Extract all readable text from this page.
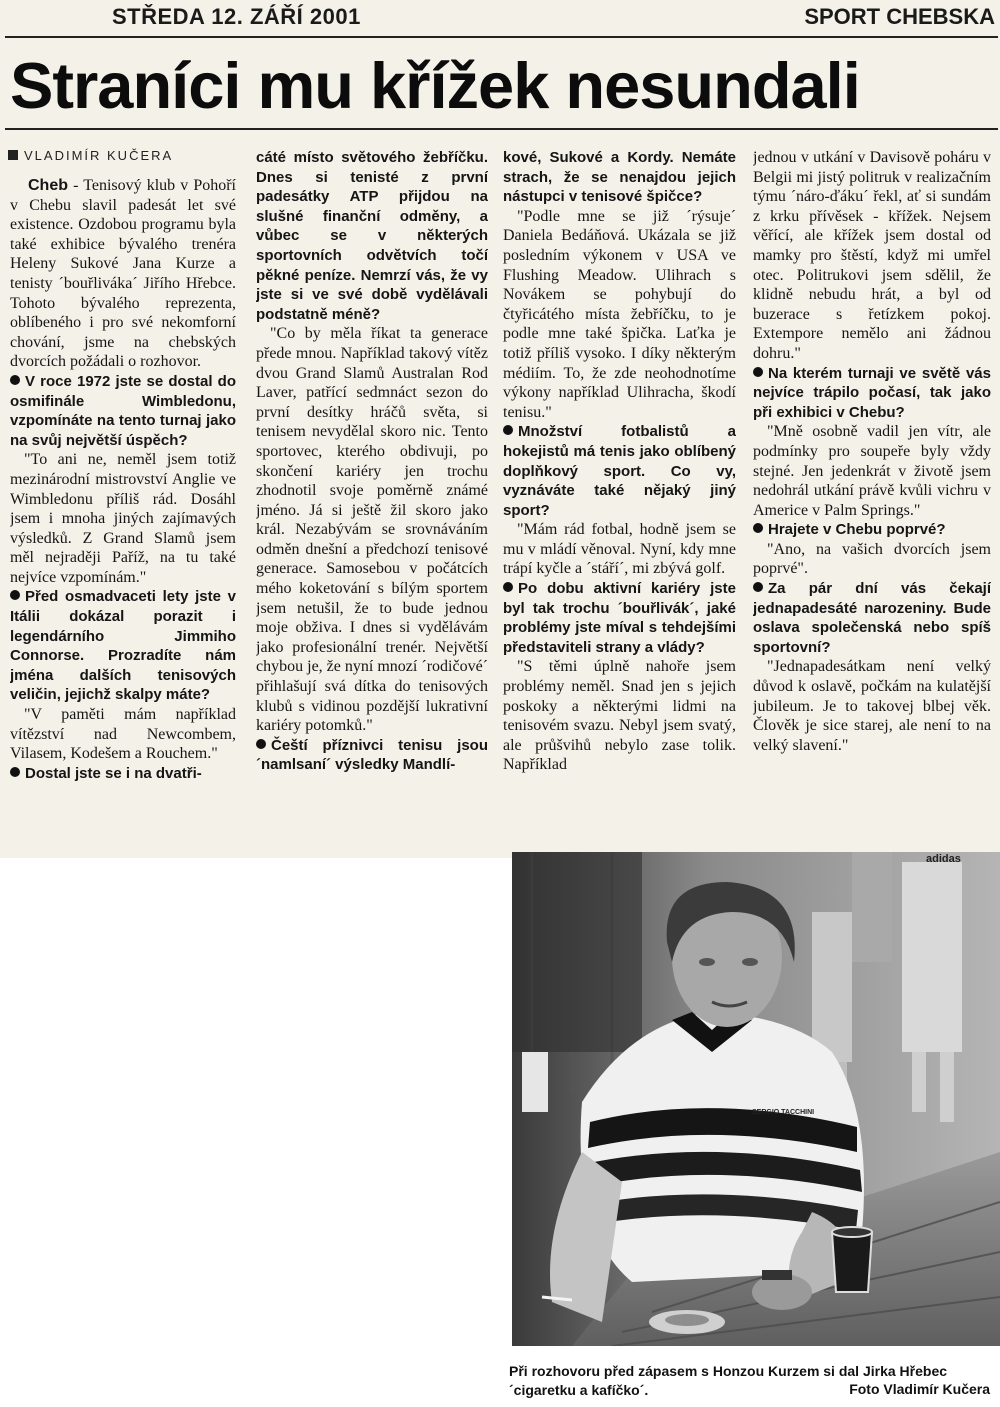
STŘEDA 12. ZÁŘÍ 2001	SPORT CHEBSKA
Straníci mu křížek nesundali
VLADIMÍR KUČERA

Cheb - Tenisový klub v Pohoří v Chebu slavil padesát let své existence. Ozdobou programu byla také exhibice bývalého trenéra Heleny Sukové Jana Kurze a tenisty ´bouřliváka´ Jiřího Hřebce. Tohoto bývalého reprezenta, oblíbeného i pro své nekomforní chování, jsme na chebských dvorcích požádali o rozhovor.

V roce 1972 jste se dostal do osmifinále Wimbledonu, vzpomínáte na tento turnaj jako na svůj největší úspěch?

"To ani ne, neměl jsem totiž mezinárodní mistrovství Anglie ve Wimbledonu příliš rád. Dosáhl jsem i mnoha jiných zajímavých výsledků. Z Grand Slamů jsem měl nejraději Paříž, na tu také nejvíce vzpomínám."

Před osmadvaceti lety jste v Itálii dokázal porazit i legendárního Jimmiho Connorse. Prozradíte nám jména dalších tenisových veličin, jejichž skalpy máte?

"V paměti mám například vítězství nad Newcombem, Vilasem, Kodešem a Rouchem."

Dostal jste se i na dvatři-

cáté místo světového žebříčku. Dnes si tenisté z první padesátky ATP přijdou na slušné finanční odměny, a vůbec se v některých sportovních odvětvích točí pěkné peníze. Nemrzí vás, že vy jste si ve své době vydělávali podstatně méně?

"Co by měla říkat ta generace přede mnou. Například takový vítěz dvou Grand Slamů Australan Rod Laver, patřící sedmnáct sezon do první desítky hráčů světa, si tenisem nevydělal skoro nic. Tento sportovec, kterého obdivuji, po skončení kariéry jen trochu zhodnotil svoje poměrně známé jméno. Já si ještě žil skoro jako král. Nezabývám se srovnáváním odměn dnešní a předchozí tenisové generace. Samosebou v počátcích mého koketování s bílým sportem jsem netušil, že to bude jednou moje obživa. I dnes si vydělávám jako profesionální trenér. Největší chybou je, že nyní mnozí ´rodičové´ přihlašují svá dítka do tenisových klubů s vidinou pozdější lukrativní kariéry potomků."

Čeští příznivci tenisu jsou ´namlsaní´ výsledky Mandlí-

kové, Sukové a Kordy. Nemáte strach, že se nenajdou jejich nástupci v tenisové špičce?

"Podle mne se již ´rýsuje´ Daniela Bedáňová. Ukázala se již posledním výkonem v USA ve Flushing Meadow. Ulihrach s Novákem se pohybují do čtyřicátého místa žebříčku, to je podle mne také špička. Laťka je totiž příliš vysoko. I díky některým médiím. To, že zde neohodnotíme výkony například Ulihracha, škodí tenisu."

Množství fotbalistů a hokejistů má tenis jako oblíbený doplňkový sport. Co vy, vyznáváte také nějaký jiný sport?

"Mám rád fotbal, hodně jsem se mu v mládí věnoval. Nyní, kdy mne trápí kyčle a ´stáří´, mi zbývá golf.

Po dobu aktivní kariéry jste byl tak trochu ´bouřlivák´, jaké problémy jste míval s tehdejšími představiteli strany a vlády?

"S těmi úplně nahoře jsem problémy neměl. Snad jen s jejich poskoky a některými lidmi na tenisovém svazu. Nebyl jsem svatý, ale průšvihů nebylo zase tolik. Například

jednou v utkání v Davisově poháru v Belgii mi jistý politruk v realizačním týmu ´náro-ďáku´ řekl, ať si sundám z krku přívěsek - křížek. Nejsem věřící, ale křížek jsem dostal od mamky pro štěstí, když mi umřel otec. Politrukovi jsem sdělil, že klidně nebudu hrát, a byl od buzerace s řetízkem pokoj. Extempore nemělo ani žádnou dohru."

Na kterém turnaji ve světě vás nejvíce trápilo počasí, tak jako při exhibici v Chebu?

"Mně osobně vadil jen vítr, ale podmínky pro soupeře byly vždy stejné. Jen jedenkrát v životě jsem nedohrál utkání právě kvůli vichru v Americe v Palm Springs."

Hrajete v Chebu poprvé?

"Ano, na vašich dvorcích jsem poprvé".

Za pár dní vás čekají jednapadesáté narozeniny. Bude oslava společenská nebo spíš sportovní?

"Jednapadesátkam není velký důvod k oslavě, počkám na kulatější jubileum. Je to takovej blbej věk. Člověk je sice starej, ale není to na velký slavení."

adidas
SERGIO TACCHINI
Při rozhovoru před zápasem s Honzou Kurzem si dal Jirka Hřebec ´cigaretku a kafíčko´.	Foto Vladimír Kučera
